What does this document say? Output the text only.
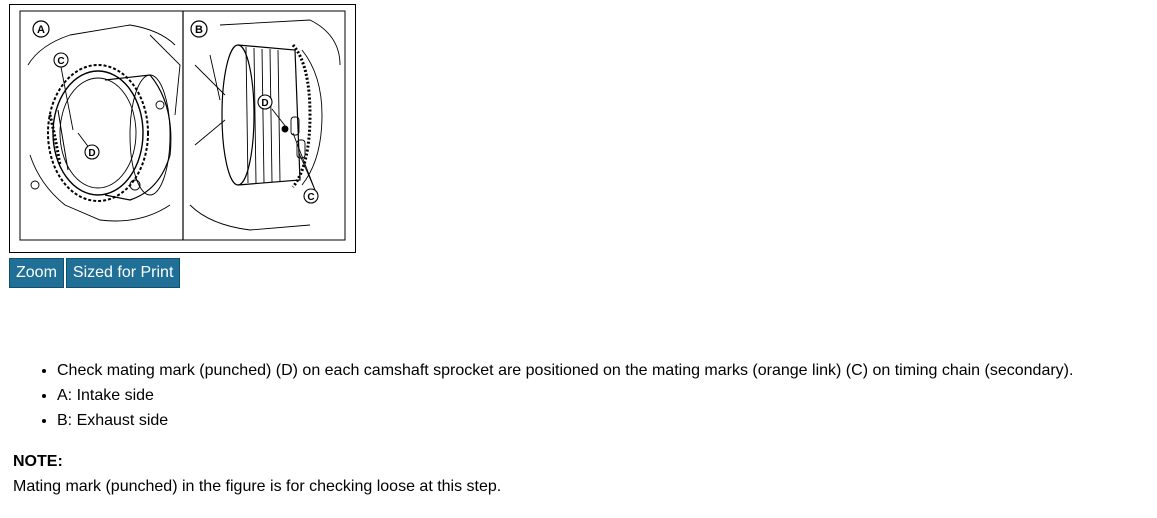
A
C
D
B
D
C
Zoom	Sized for Print
• Check mating mark (punched) (D) on each camshaft sprocket are positioned on the mating marks (orange link) (C) on timing chain (secondary).
• A: Intake side
• B: Exhaust side
NOTE:
Mating mark (punched) in the figure is for checking loose at this step.
